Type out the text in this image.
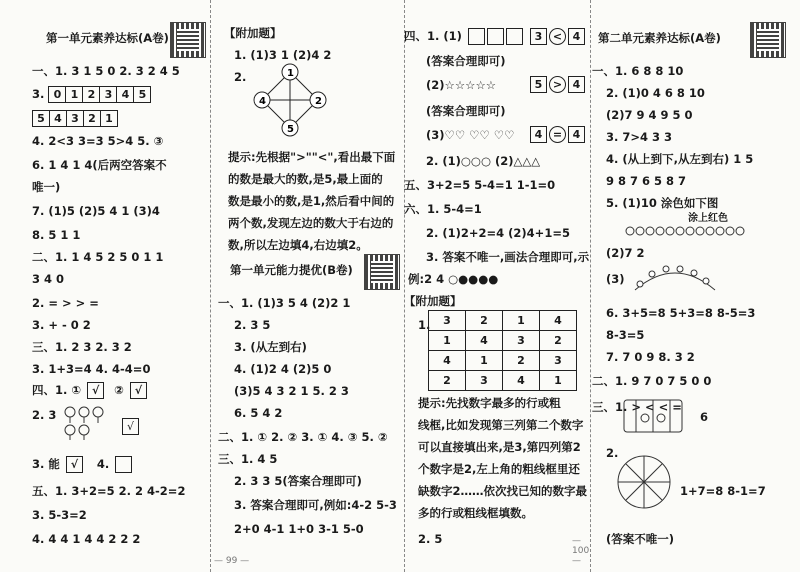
第一单元素养达标(A卷)
一、1. 3 1 5 0 2. 3 2 4 5
3. 0 1 2 3 4 5
5 4 3 2 1
4. 2<3 3=3 5>4 5. ③
6. 1 4 1 4(后两空答案不
唯一)
7. (1)5 (2)5 4 1 (3)4
8. 5 1 1
二、1. 1 4 5 2 5 0 1 1
3 4 0
2. = > > =
3. + - 0 2
三、1. 2 3 2. 3 2
3. 1+3=4 4. 4-4=0
四、1. ① √ ② √
2. 3
√
3. 能 √ 4.
五、1. 3+2=5 2. 2 4-2=2
3. 5-3=2
4. 4 4 1 4 4 2 2 2
【附加题】
1. (1)3 1 (2)4 2
2.	1
4	2
5
提示:先根据">""<",看出最下面
的数是最大的数,是5,最上面的
数是最小的数,是1,然后看中间的
两个数,发现左边的数大于右边的
数,所以左边填4,右边填2。
第一单元能力提优(B卷)
一、1. (1)3 5 4 (2)2 1
2. 3 5
3. (从左到右)
4. (1)2 4 (2)5 0
(3)5 4 3 2 1 5. 2 3
6. 5 4 2
二、1. ① 2. ② 3. ① 4. ③ 5. ②
三、1. 4 5
2. 3 3 5(答案合理即可)
3. 答案合理即可,例如:4-2 5-3
2+0 4-1 1+0 3-1 5-0
— 99 —
四、1. (1)	3 < 4
(答案合理即可)
(2)☆☆☆☆☆	5 > 4
(答案合理即可)
(3)♡♡ ♡♡ ♡♡	4 = 4
2. (1)○○○ (2)△△△
五、3+2=5 5-4=1 1-1=0
六、1. 5-4=1
2. (1)2+2=4 (2)4+1=5
3. 答案不唯一,画法合理即可,示
例:2 4 ○●●●●
【附加题】
1. 3	2	1	4
1	4	3	2
4	1	2	3
2	3	4	1
提示:先找数字最多的行或粗
线框,比如发现第三列第二个数字
可以直接填出来,是3,第四列第2
个数字是2,左上角的粗线框里还
缺数字2……依次找已知的数字最
多的行或粗线框填数。
2. 5	— 100 —
第二单元素养达标(A卷)
一、1. 6 8 8 10
2. (1)0 4 6 8 10
(2)7 9 4 9 5 0
3. 7>4 3 3
4. (从上到下,从左到右) 1 5
9 8 7 6 5 8 7
5. (1)10 涂色如下图
涂上红色
(2)7 2
(3)
6. 3+5=8 5+3=8 8-5=3
8-3=5
7. 7 0 9 8. 3 2
二、1. 9 7 0 7 5 0 0
三、1. > < < =
6
2.
1+7=8 8-1=7
(答案不唯一)
